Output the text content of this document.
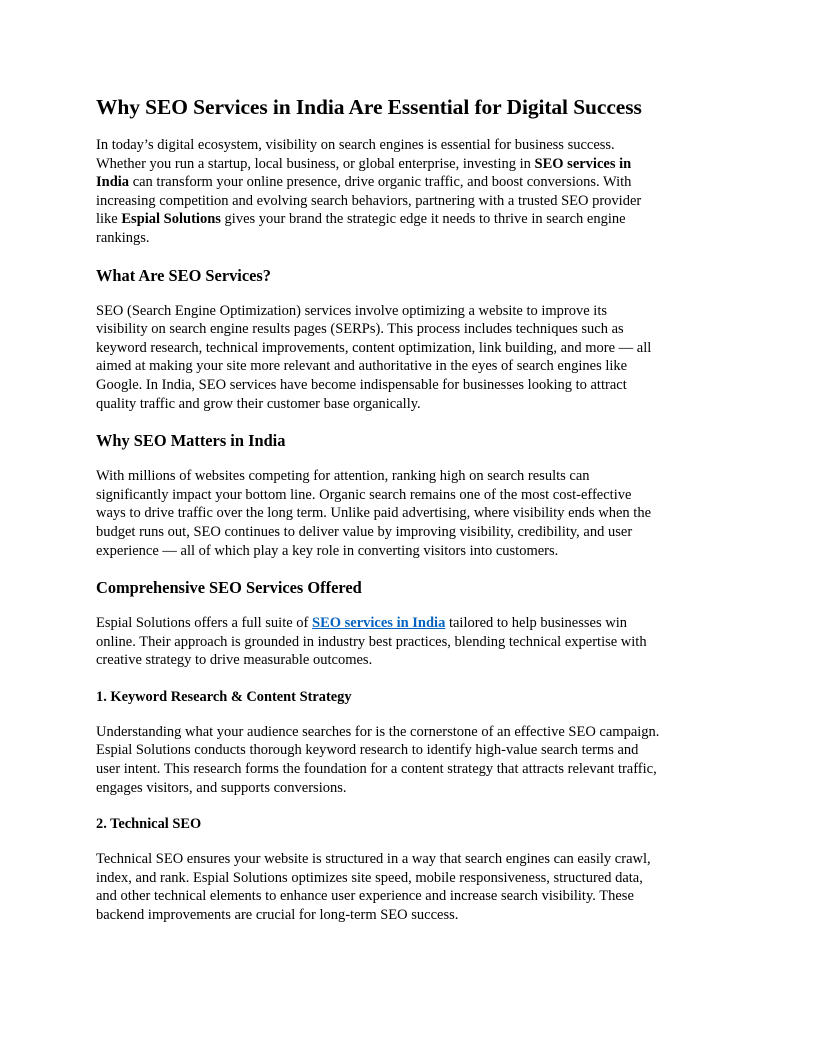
Why SEO Services in India Are Essential for Digital Success

In today’s digital ecosystem, visibility on search engines is essential for business success.
Whether you run a startup, local business, or global enterprise, investing in SEO services in
India can transform your online presence, drive organic traffic, and boost conversions. With
increasing competition and evolving search behaviors, partnering with a trusted SEO provider
like Espial Solutions gives your brand the strategic edge it needs to thrive in search engine
rankings.

What Are SEO Services?

SEO (Search Engine Optimization) services involve optimizing a website to improve its
visibility on search engine results pages (SERPs). This process includes techniques such as
keyword research, technical improvements, content optimization, link building, and more — all
aimed at making your site more relevant and authoritative in the eyes of search engines like
Google. In India, SEO services have become indispensable for businesses looking to attract
quality traffic and grow their customer base organically.

Why SEO Matters in India

With millions of websites competing for attention, ranking high on search results can
significantly impact your bottom line. Organic search remains one of the most cost-effective
ways to drive traffic over the long term. Unlike paid advertising, where visibility ends when the
budget runs out, SEO continues to deliver value by improving visibility, credibility, and user
experience — all of which play a key role in converting visitors into customers.

Comprehensive SEO Services Offered

Espial Solutions offers a full suite of SEO services in India tailored to help businesses win
online. Their approach is grounded in industry best practices, blending technical expertise with
creative strategy to drive measurable outcomes.

1. Keyword Research & Content Strategy

Understanding what your audience searches for is the cornerstone of an effective SEO campaign.
Espial Solutions conducts thorough keyword research to identify high-value search terms and
user intent. This research forms the foundation for a content strategy that attracts relevant traffic,
engages visitors, and supports conversions.

2. Technical SEO

Technical SEO ensures your website is structured in a way that search engines can easily crawl,
index, and rank. Espial Solutions optimizes site speed, mobile responsiveness, structured data,
and other technical elements to enhance user experience and increase search visibility. These
backend improvements are crucial for long-term SEO success.
